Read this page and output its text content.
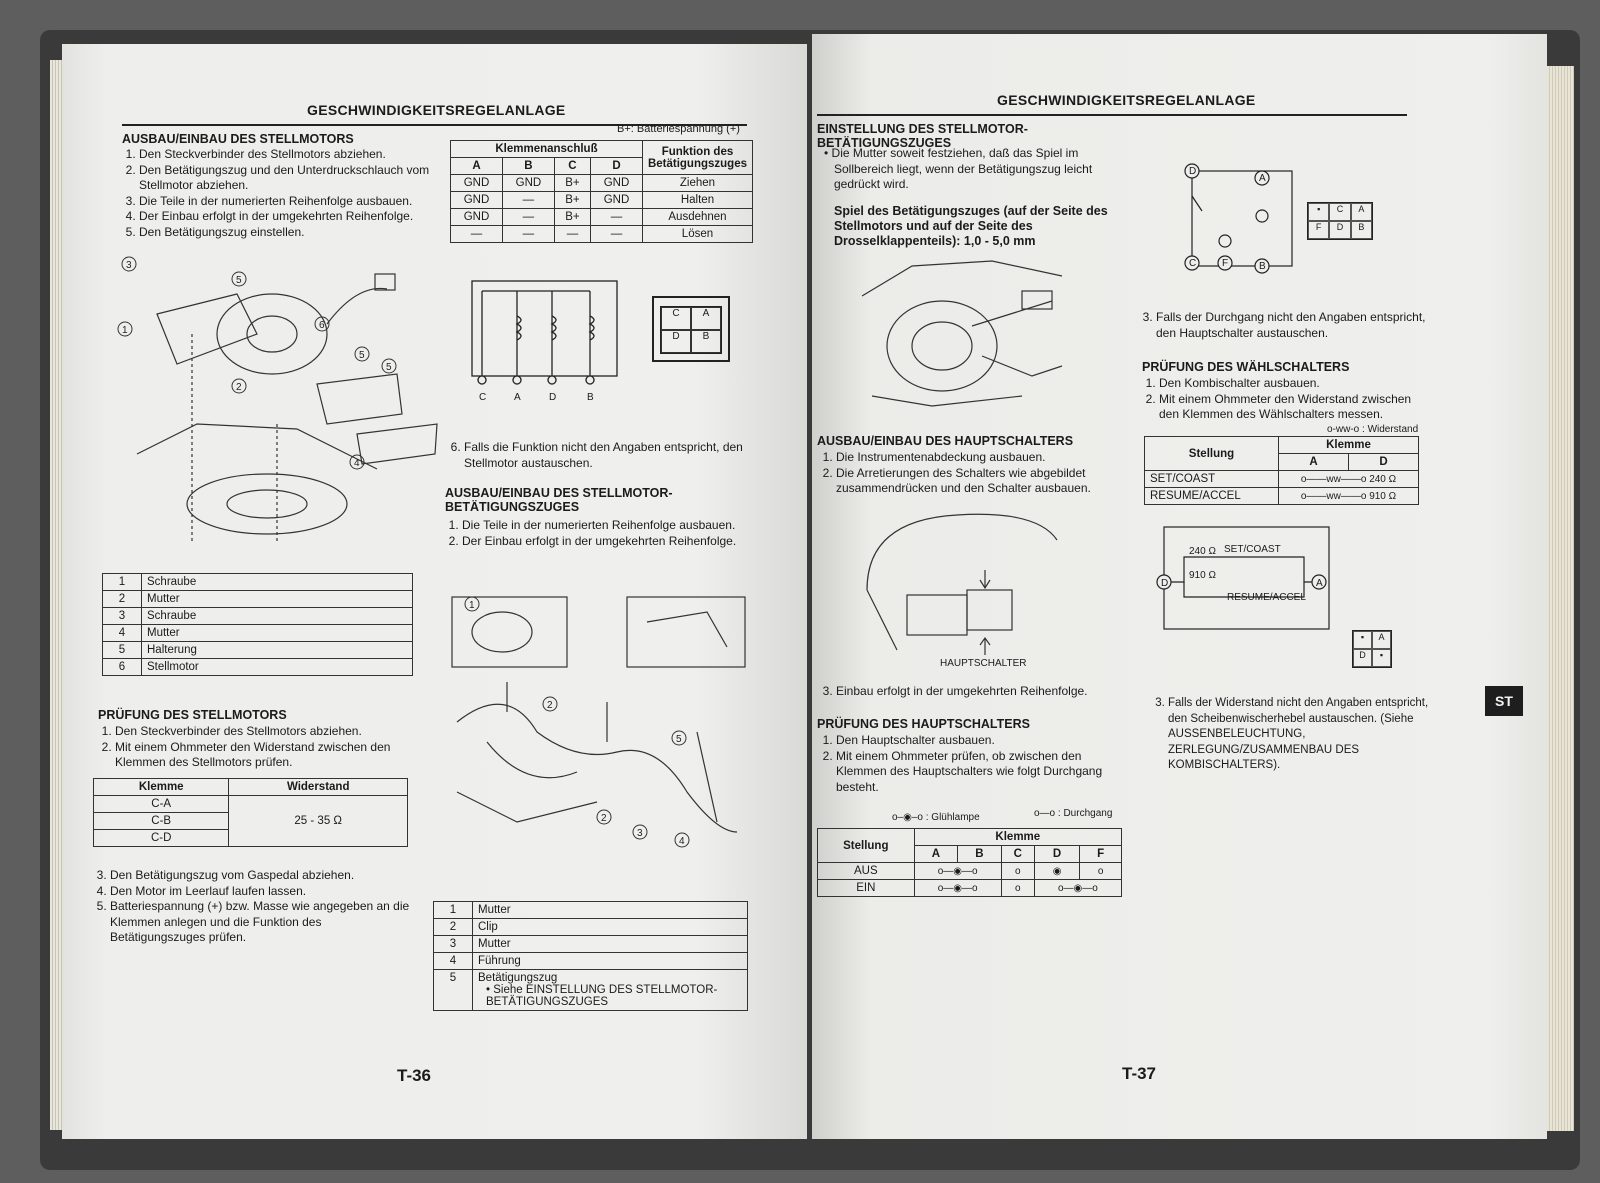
GESCHWINDIGKEITSREGELANLAGE
AUSBAU/EINBAU DES STELLMOTORS
1. Den Steckverbinder des Stellmotors abziehen.
2. Den Betätigungszug und den Unterdruckschlauch vom Stellmotor abziehen.
3. Die Teile in der numerierten Reihenfolge ausbauen.
4. Der Einbau erfolgt in der umgekehrten Reihenfolge.
5. Den Betätigungszug einstellen.
B+: Batteriespannung (+)
Klemmenanschluß				Funktion des Betätigungszuges
A	B	C	D	
GND	GND	B+	GND	Ziehen
GND	—	B+	GND	Halten
GND	—	B+	—	Ausdehnen
—	—	—	—	Lösen
3
5
1	6
5
5
2
4
C	A	D	B
C	A
D	B
6. Falls die Funktion nicht den Angaben entspricht, den Stellmotor austauschen.
AUSBAU/EINBAU DES STELLMOTOR-BETÄTIGUNGSZUGES
1. Die Teile in der numerierten Reihenfolge ausbauen.
2. Der Einbau erfolgt in der umgekehrten Reihenfolge.
1	Schraube
2	Mutter
3	Schraube
4	Mutter
5	Halterung
6	Stellmotor
1
2
2
3
4
5
PRÜFUNG DES STELLMOTORS
1. Den Steckverbinder des Stellmotors abziehen.
2. Mit einem Ohmmeter den Widerstand zwischen den Klemmen des Stellmotors prüfen.
Klemme	Widerstand
C-A	25 - 35 Ω
C-B	
C-D	
3. Den Betätigungszug vom Gaspedal abziehen.
4. Den Motor im Leerlauf laufen lassen.
5. Batteriespannung (+) bzw. Masse wie angegeben an die Klemmen anlegen und die Funktion des Betätigungszuges prüfen.
1	Mutter
2	Clip
3	Mutter
4	Führung
5	Betätigungszug
• Siehe EINSTELLUNG DES STELLMOTOR-BETÄTIGUNGSZUGES
T-36
GESCHWINDIGKEITSREGELANLAGE
EINSTELLUNG DES STELLMOTOR-BETÄTIGUNGSZUGES
• Die Mutter soweit festziehen, daß das Spiel im Sollbereich liegt, wenn der Betätigungszug leicht gedrückt wird.
Spiel des Betätigungszuges (auf der Seite des Stellmotors und auf der Seite des Drosselklappenteils): 1,0 - 5,0 mm
D
A
C	F	B
▪	C	A
F	D	B
3. Falls der Durchgang nicht den Angaben entspricht, den Hauptschalter austauschen.
PRÜFUNG DES WÄHLSCHALTERS
1. Den Kombischalter ausbauen.
2. Mit einem Ohmmeter den Widerstand zwischen den Klemmen des Wählschalters messen.
o-ww-o : Widerstand
Stellung	Klemme	
	A	D
SET/COAST	o——ww——o 240 Ω	
RESUME/ACCEL	o——ww——o 910 Ω	
240 Ω
910 Ω
SET/COAST
RESUME/ACCEL
D	A
▪	A
D	▪
3. Falls der Widerstand nicht den Angaben entspricht, den Scheibenwischerhebel austauschen. (Siehe AUSSENBELEUCHTUNG, ZERLEGUNG/ZUSAMMENBAU DES KOMBISCHALTERS).
AUSBAU/EINBAU DES HAUPTSCHALTERS
1. Die Instrumentenabdeckung ausbauen.
2. Die Arretierungen des Schalters wie abgebildet zusammendrücken und den Schalter ausbauen.
HAUPTSCHALTER
3. Einbau erfolgt in der umgekehrten Reihenfolge.
PRÜFUNG DES HAUPTSCHALTERS
1. Den Hauptschalter ausbauen.
2. Mit einem Ohmmeter prüfen, ob zwischen den Klemmen des Hauptschalters wie folgt Durchgang besteht.
o–◉–o : Glühlampe	o—o : Durchgang
Stellung	Klemme				
	A	B	C	D	F
AUS	o—◉—o		o	◉	o
EIN	o—◉—o		o	o—◉—o	
T-37
ST
